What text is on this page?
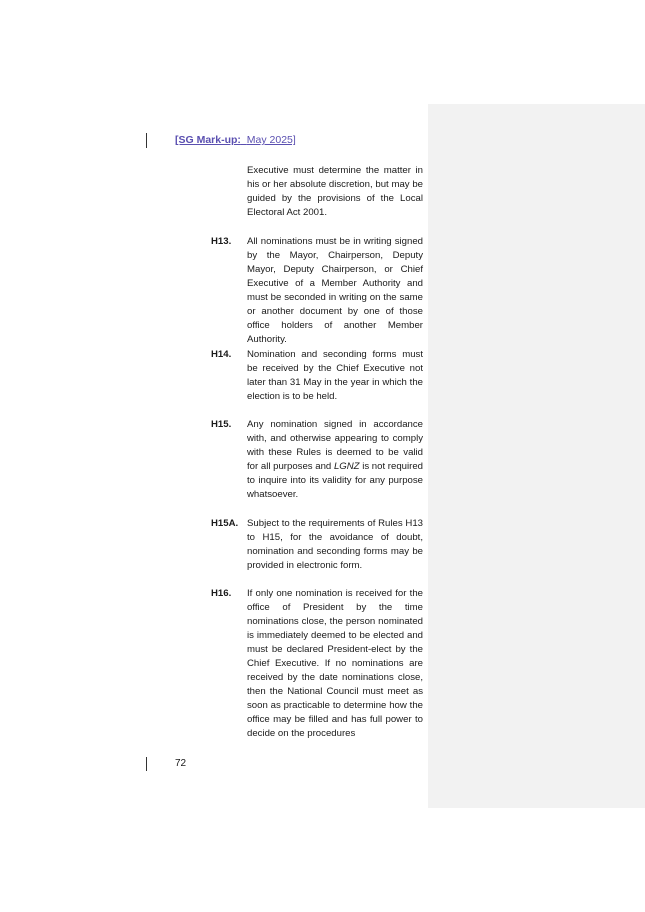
[SG Mark-up: May 2025]
Executive must determine the matter in his or her absolute discretion, but may be guided by the provisions of the Local Electoral Act 2001.
H13. All nominations must be in writing signed by the Mayor, Chairperson, Deputy Mayor, Deputy Chairperson, or Chief Executive of a Member Authority and must be seconded in writing on the same or another document by one of those office holders of another Member Authority.
H14. Nomination and seconding forms must be received by the Chief Executive not later than 31 May in the year in which the election is to be held.
H15. Any nomination signed in accordance with, and otherwise appearing to comply with these Rules is deemed to be valid for all purposes and LGNZ is not required to inquire into its validity for any purpose whatsoever.
H15A. Subject to the requirements of Rules H13 to H15, for the avoidance of doubt, nomination and seconding forms may be provided in electronic form.
H16. If only one nomination is received for the office of President by the time nominations close, the person nominated is immediately deemed to be elected and must be declared President-elect by the Chief Executive. If no nominations are received by the date nominations close, then the National Council must meet as soon as practicable to determine how the office may be filled and has full power to decide on the procedures
72
